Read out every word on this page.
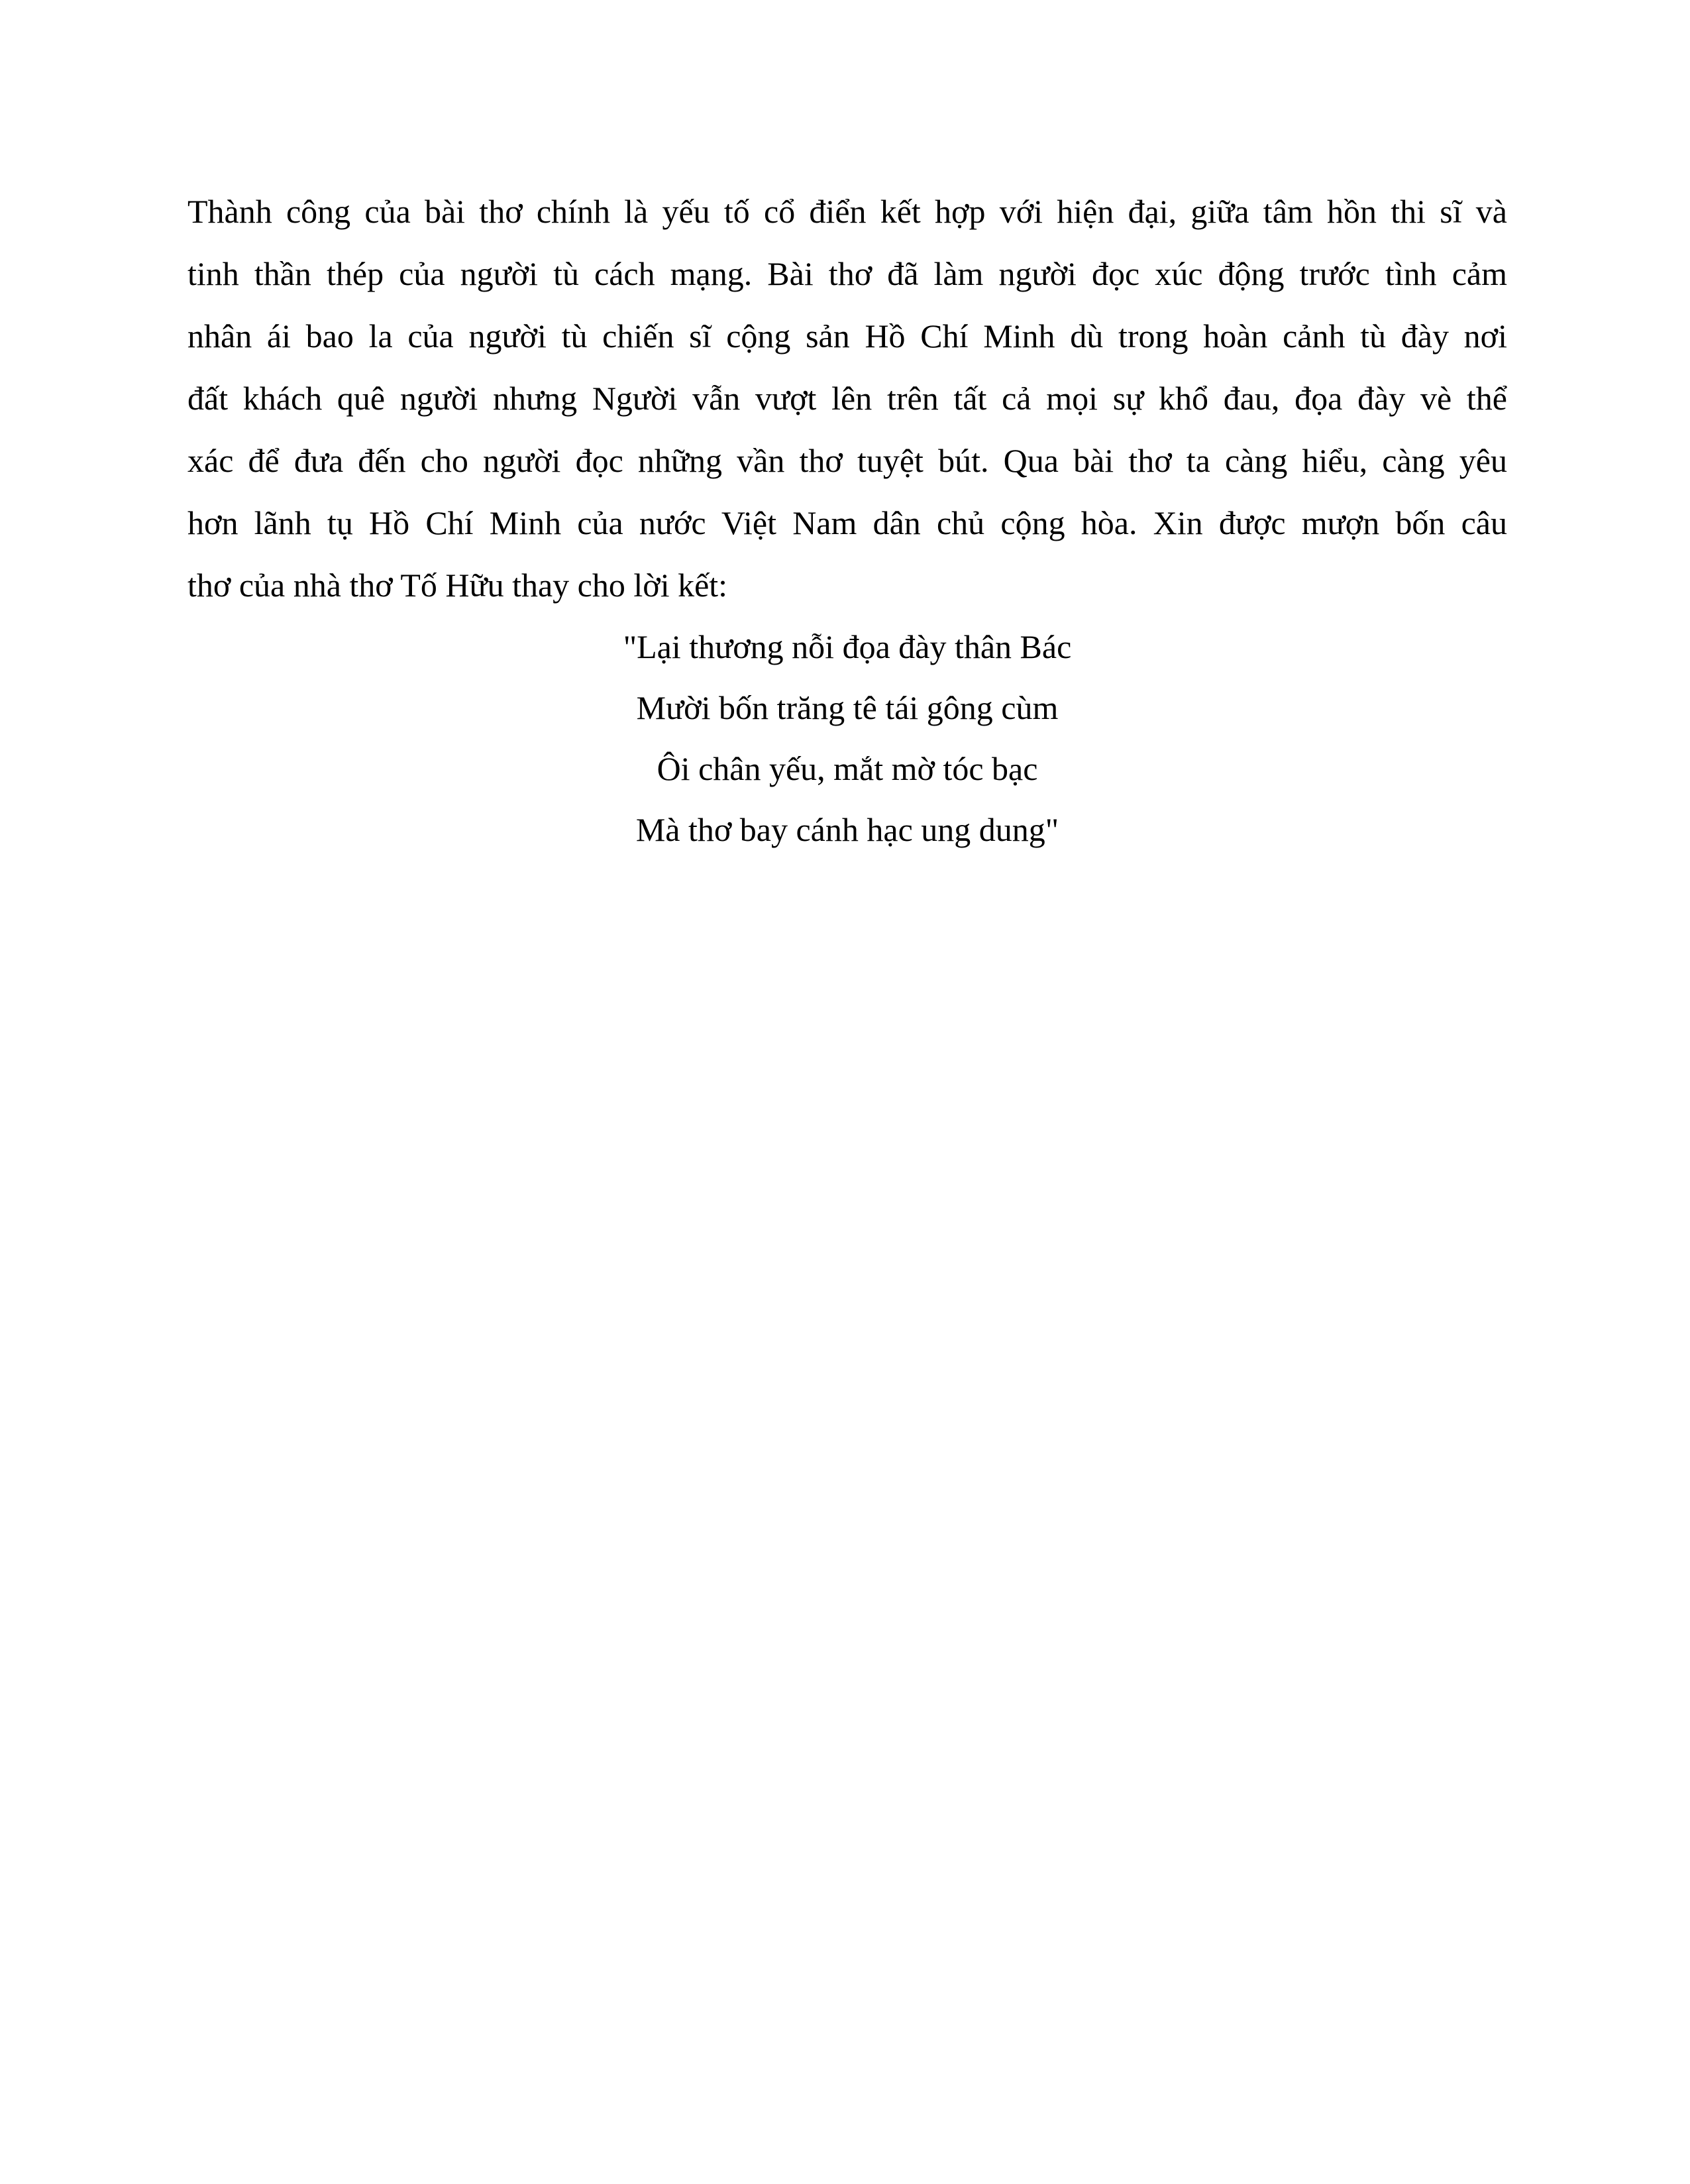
Thành công của bài thơ chính là yếu tố cổ điển kết hợp với hiện đại, giữa tâm hồn thi sĩ và
tinh thần thép của người tù cách mạng. Bài thơ đã làm người đọc xúc động trước tình cảm
nhân ái bao la của người tù chiến sĩ cộng sản Hồ Chí Minh dù trong hoàn cảnh tù đày nơi
đất khách quê người nhưng Người vẫn vượt lên trên tất cả mọi sự khổ đau, đọa đày vè thể
xác để đưa đến cho người đọc những vần thơ tuyệt bút. Qua bài thơ ta càng hiểu, càng yêu
hơn lãnh tụ Hồ Chí Minh của nước Việt Nam dân chủ cộng hòa. Xin được mượn bốn câu
thơ của nhà thơ Tố Hữu thay cho lời kết:

"Lại thương nỗi đọa đày thân Bác
Mười bốn trăng tê tái gông cùm
Ôi chân yếu, mắt mờ tóc bạc
Mà thơ bay cánh hạc ung dung"
